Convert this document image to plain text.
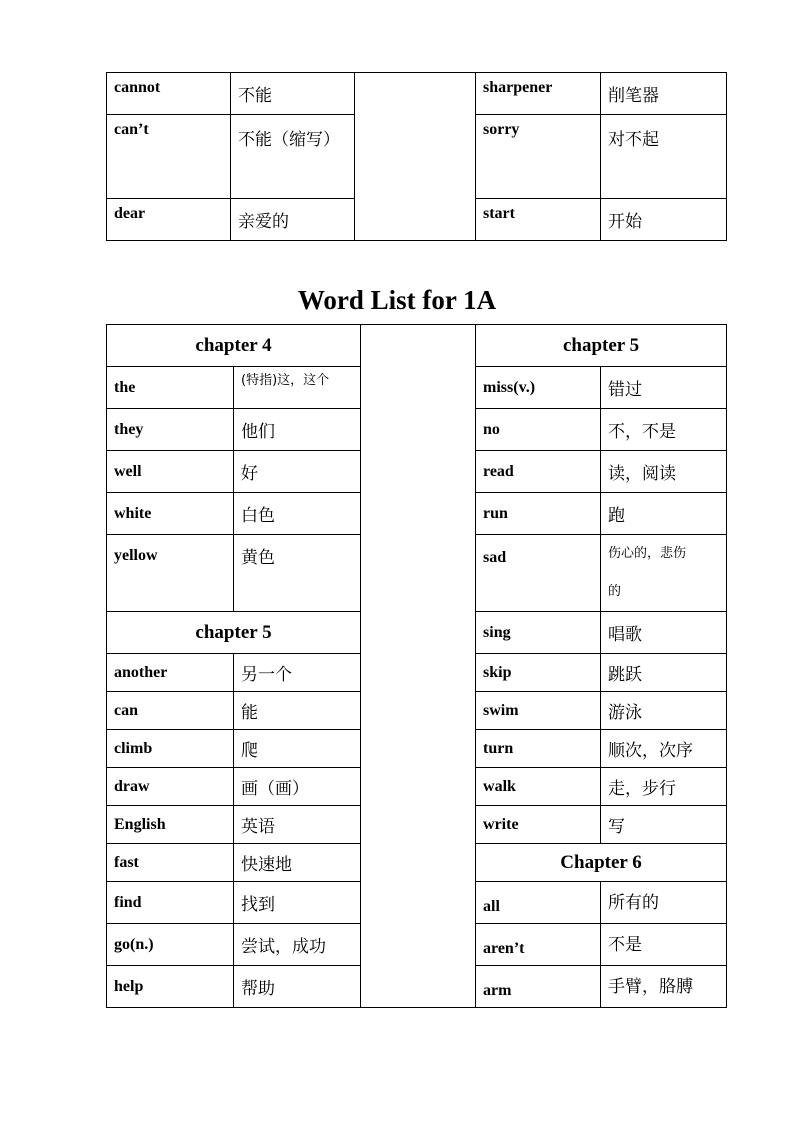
cannot	不能		sharpener	削笔器
can’t	不能（缩写）		sorry	对不起
dear	亲爱的		start	开始
Word List for 1A
chapter 4			chapter 5	
the	(特指)这，这个		miss(v.)	错过
they	他们		no	不，不是
well	好		read	读，阅读
white	白色		run	跑
yellow	黄色		sad	伤心的，悲伤
的

chapter 5			sing	唱歌
another	另一个		skip	跳跃
can	能		swim	游泳
climb	爬		turn	顺次，次序
draw	画（画）		walk	走，步行
English	英语		write	写
fast	快速地		Chapter 6	
find	找到		all	所有的
go(n.)	尝试，成功		aren’t	不是
help	帮助		arm	手臂，胳膊
